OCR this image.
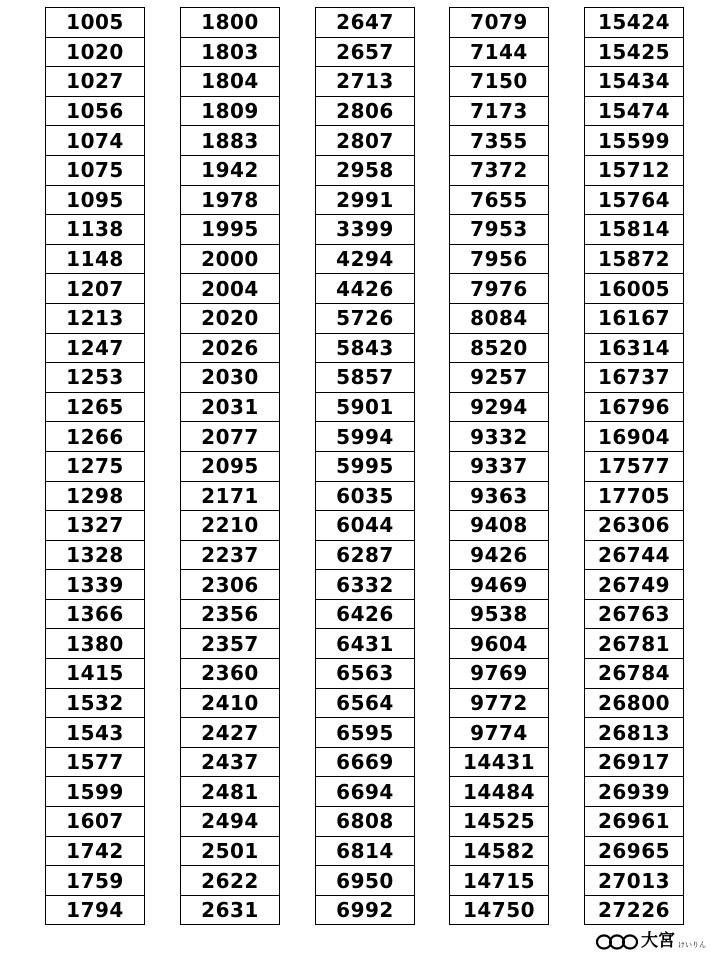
1005
1020
1027
1056
1074
1075
1095
1138
1148
1207
1213
1247
1253
1265
1266
1275
1298
1327
1328
1339
1366
1380
1415
1532
1543
1577
1599
1607
1742
1759
1794
1800
1803
1804
1809
1883
1942
1978
1995
2000
2004
2020
2026
2030
2031
2077
2095
2171
2210
2237
2306
2356
2357
2360
2410
2427
2437
2481
2494
2501
2622
2631
2647
2657
2713
2806
2807
2958
2991
3399
4294
4426
5726
5843
5857
5901
5994
5995
6035
6044
6287
6332
6426
6431
6563
6564
6595
6669
6694
6808
6814
6950
6992
7079
7144
7150
7173
7355
7372
7655
7953
7956
7976
8084
8520
9257
9294
9332
9337
9363
9408
9426
9469
9538
9604
9769
9772
9774
14431
14484
14525
14582
14715
14750
15424
15425
15434
15474
15599
15712
15764
15814
15872
16005
16167
16314
16737
16796
16904
17577
17705
26306
26744
26749
26763
26781
26784
26800
26813
26917
26939
26961
26965
27013
27226
大宮 けいりん
